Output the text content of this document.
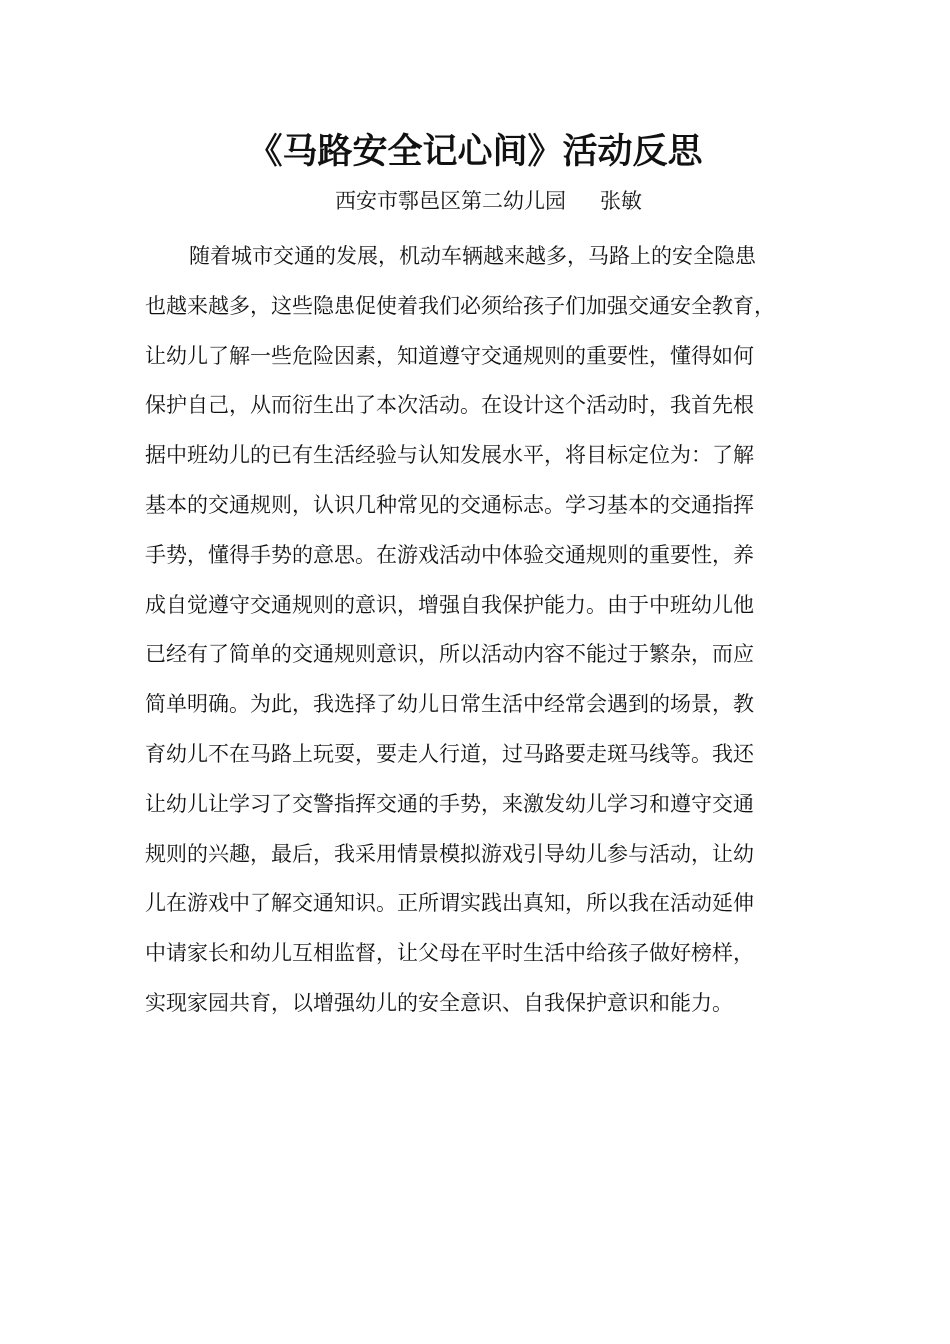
《马路安全记心间》活动反思
西安市鄠邑区第二幼儿园 张敏
随着城市交通的发展，机动车辆越来越多，马路上的安全隐患
也越来越多，这些隐患促使着我们必须给孩子们加强交通安全教育，
让幼儿了解一些危险因素，知道遵守交通规则的重要性，懂得如何
保护自己，从而衍生出了本次活动。在设计这个活动时，我首先根
据中班幼儿的已有生活经验与认知发展水平，将目标定位为：了解
基本的交通规则，认识几种常见的交通标志。学习基本的交通指挥
手势，懂得手势的意思。在游戏活动中体验交通规则的重要性，养
成自觉遵守交通规则的意识，增强自我保护能力。由于中班幼儿他
已经有了简单的交通规则意识，所以活动内容不能过于繁杂，而应
简单明确。为此，我选择了幼儿日常生活中经常会遇到的场景，教
育幼儿不在马路上玩耍，要走人行道，过马路要走斑马线等。我还
让幼儿让学习了交警指挥交通的手势，来激发幼儿学习和遵守交通
规则的兴趣，最后，我采用情景模拟游戏引导幼儿参与活动，让幼
儿在游戏中了解交通知识。正所谓实践出真知，所以我在活动延伸
中请家长和幼儿互相监督，让父母在平时生活中给孩子做好榜样，
实现家园共育，以增强幼儿的安全意识、自我保护意识和能力。
